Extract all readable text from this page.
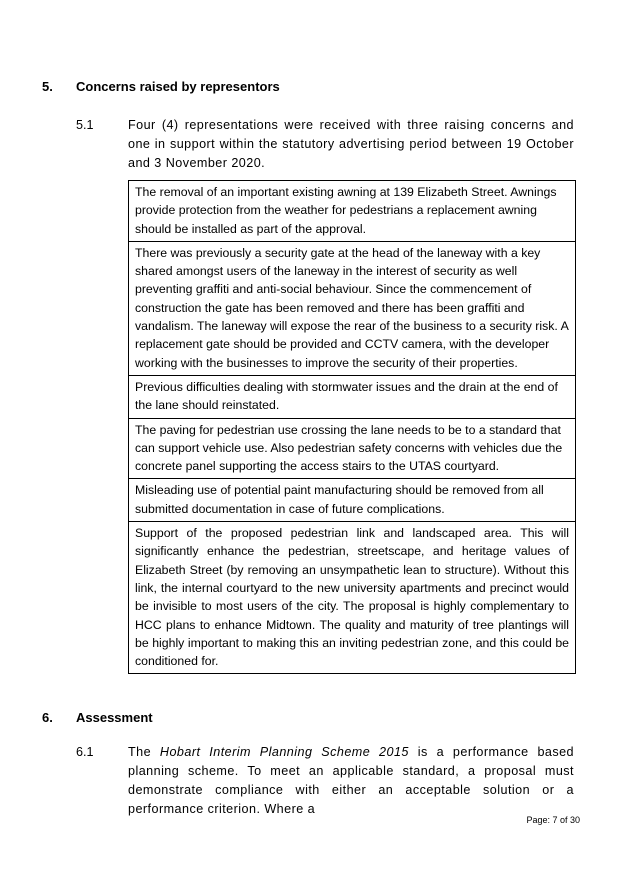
5. Concerns raised by representors
5.1	Four (4) representations were received with three raising concerns and one in support within the statutory advertising period between 19 October and 3 November 2020.
The removal of an important existing awning at 139 Elizabeth Street. Awnings provide protection from the weather for pedestrians a replacement awning should be installed as part of the approval.
There was previously a security gate at the head of the laneway with a key shared amongst users of the laneway in the interest of security as well preventing graffiti and anti-social behaviour. Since the commencement of construction the gate has been removed and there has been graffiti and vandalism. The laneway will expose the rear of the business to a security risk. A replacement gate should be provided and CCTV camera, with the developer working with the businesses to improve the security of their properties.
Previous difficulties dealing with stormwater issues and the drain at the end of the lane should reinstated.
The paving for pedestrian use crossing the lane needs to be to a standard that can support vehicle use. Also pedestrian safety concerns with vehicles due the concrete panel supporting the access stairs to the UTAS courtyard.
Misleading use of potential paint manufacturing should be removed from all submitted documentation in case of future complications.
Support of the proposed pedestrian link and landscaped area. This will significantly enhance the pedestrian, streetscape, and heritage values of Elizabeth Street (by removing an unsympathetic lean to structure). Without this link, the internal courtyard to the new university apartments and precinct would be invisible to most users of the city. The proposal is highly complementary to HCC plans to enhance Midtown. The quality and maturity of tree plantings will be highly important to making this an inviting pedestrian zone, and this could be conditioned for.
6. Assessment
6.1	The Hobart Interim Planning Scheme 2015 is a performance based planning scheme. To meet an applicable standard, a proposal must demonstrate compliance with either an acceptable solution or a performance criterion. Where a
Page: 7 of 30
